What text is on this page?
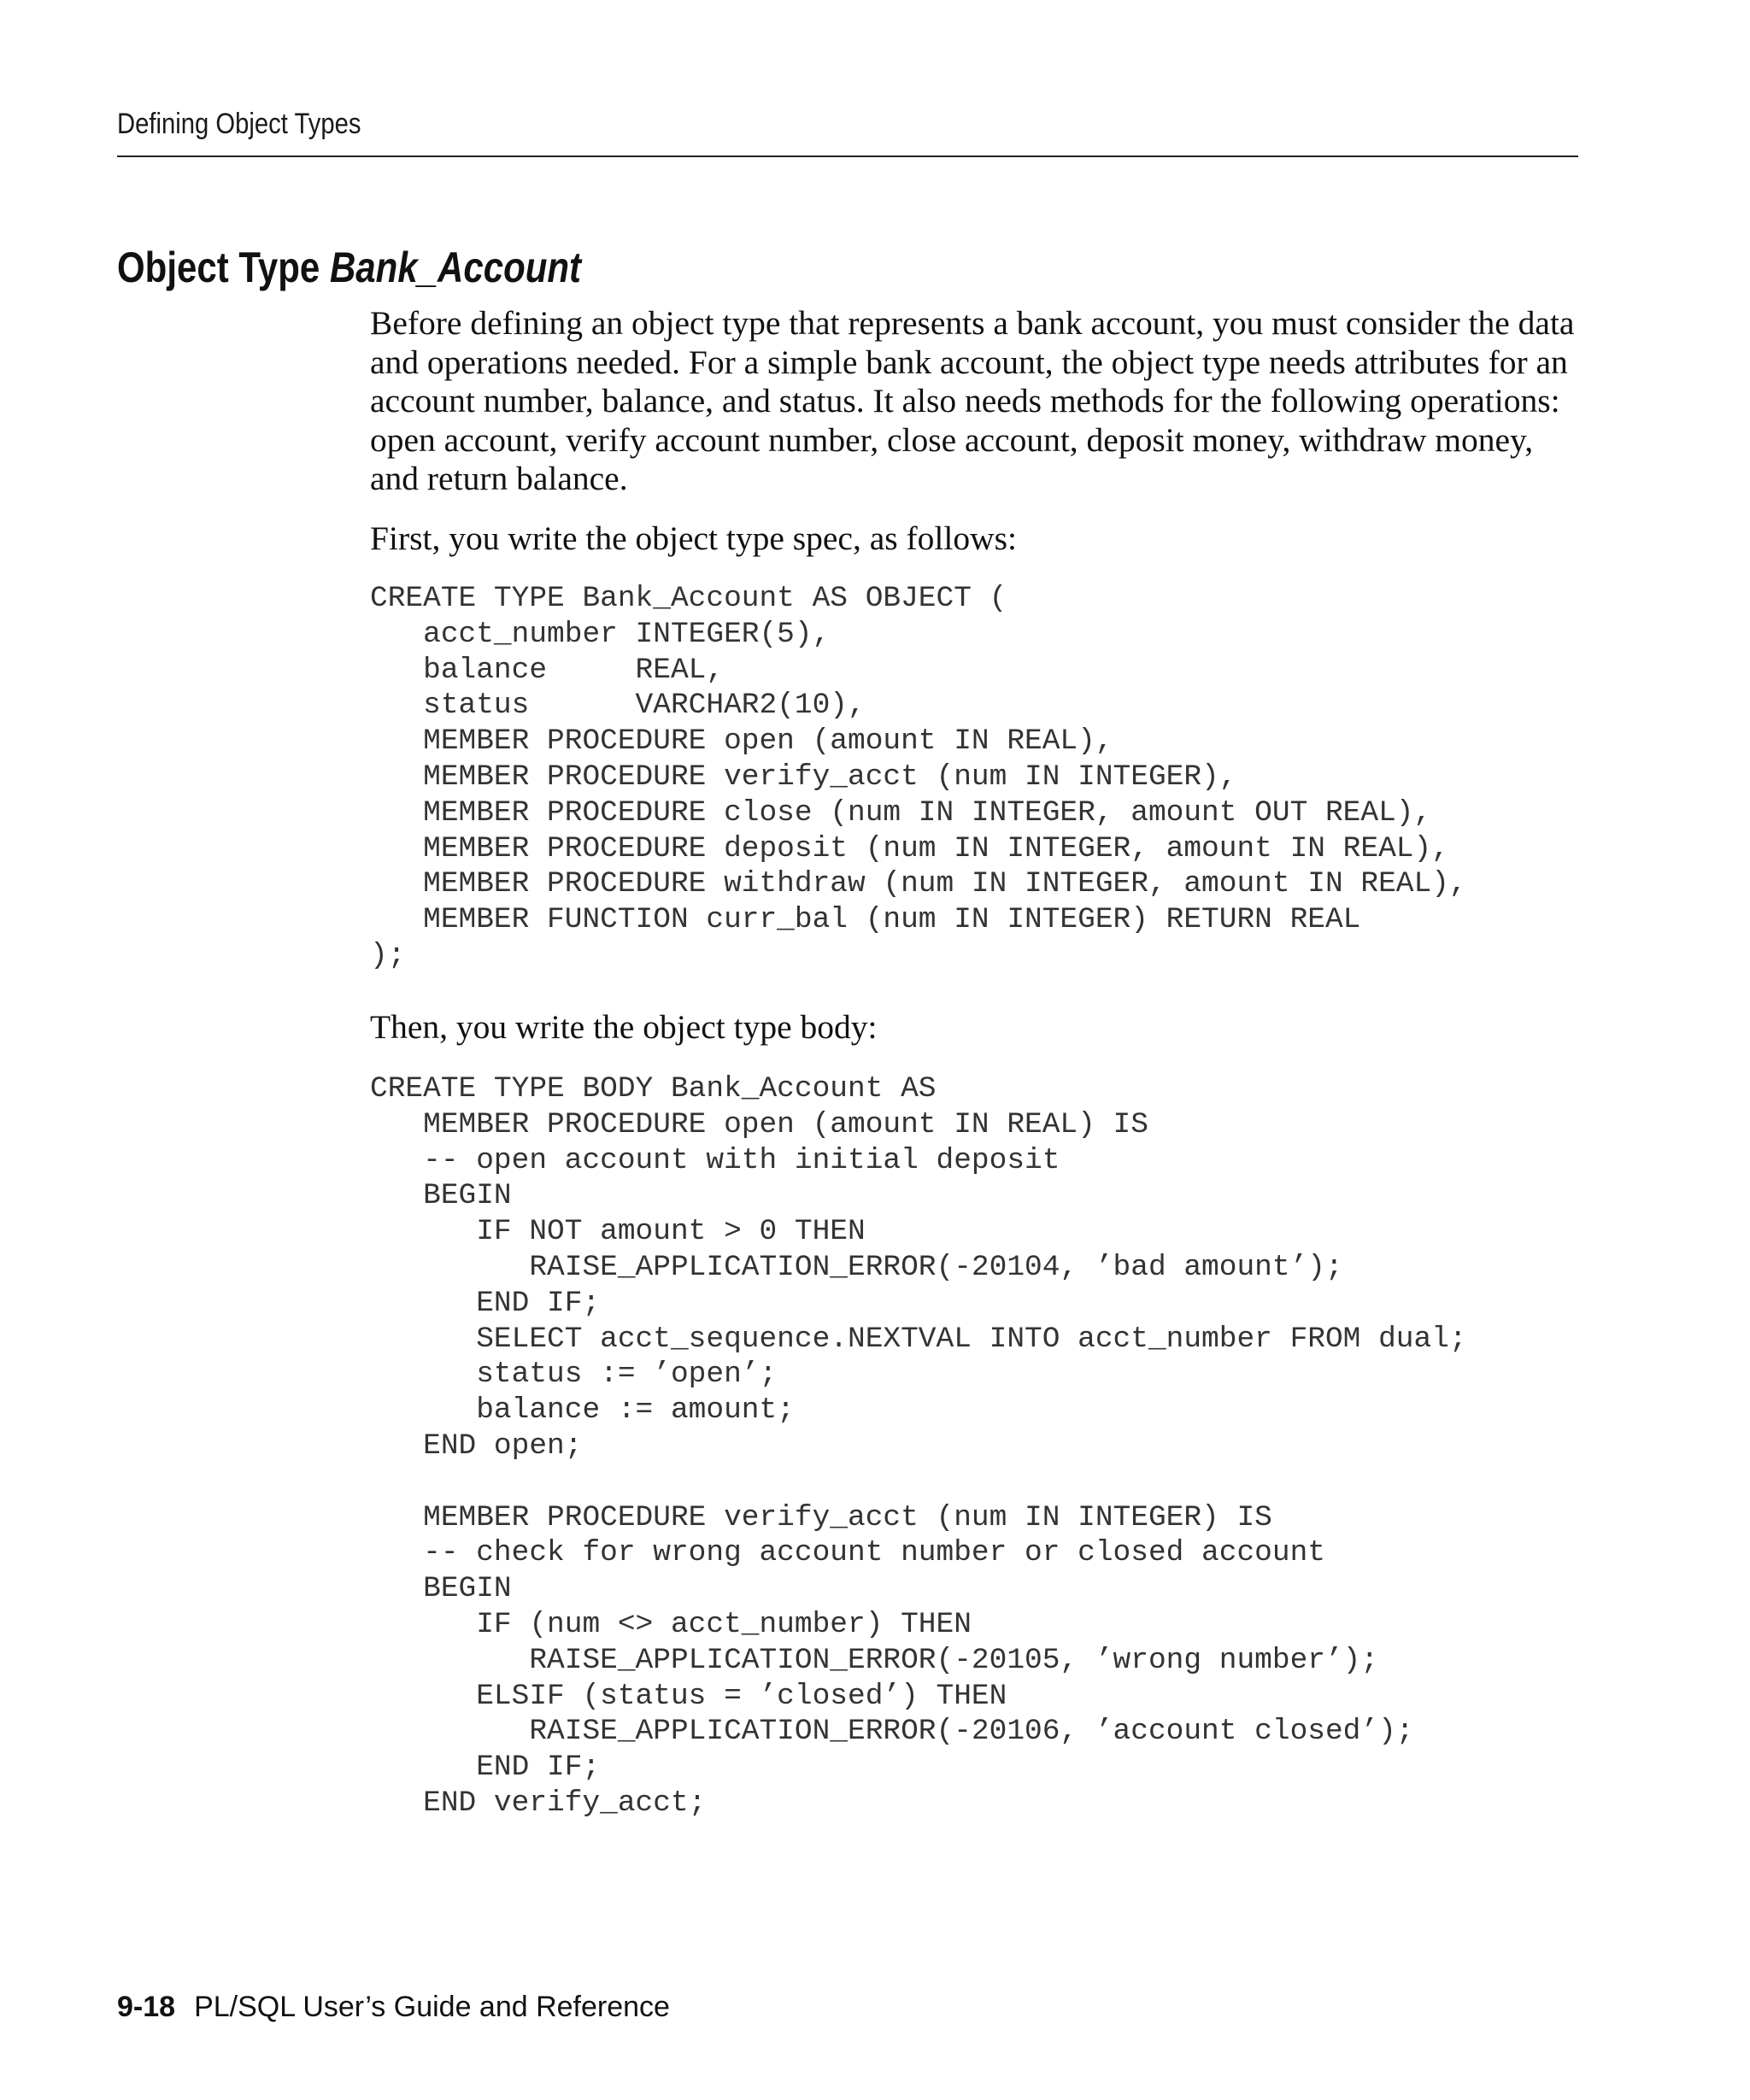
Defining Object Types
Object Type Bank_Account

Before defining an object type that represents a bank account, you must consider the data and operations needed. For a simple bank account, the object type needs attributes for an account number, balance, and status. It also needs methods for the following operations: open account, verify account number, close account, deposit money, withdraw money, and return balance.

First, you write the object type spec, as follows:

CREATE TYPE Bank_Account AS OBJECT (
acct_number INTEGER(5),
balance     REAL,
status      VARCHAR2(10),
MEMBER PROCEDURE open (amount IN REAL),
MEMBER PROCEDURE verify_acct (num IN INTEGER),
MEMBER PROCEDURE close (num IN INTEGER, amount OUT REAL),
MEMBER PROCEDURE deposit (num IN INTEGER, amount IN REAL),
MEMBER PROCEDURE withdraw (num IN INTEGER, amount IN REAL),
MEMBER FUNCTION curr_bal (num IN INTEGER) RETURN REAL
);

Then, you write the object type body:

CREATE TYPE BODY Bank_Account AS
MEMBER PROCEDURE open (amount IN REAL) IS
-- open account with initial deposit
BEGIN
IF NOT amount > 0 THEN
RAISE_APPLICATION_ERROR(-20104, ’bad amount’);
END IF;
SELECT acct_sequence.NEXTVAL INTO acct_number FROM dual;
status := ’open’;
balance := amount;
END open;

MEMBER PROCEDURE verify_acct (num IN INTEGER) IS
-- check for wrong account number or closed account
BEGIN
IF (num <> acct_number) THEN
RAISE_APPLICATION_ERROR(-20105, ’wrong number’);
ELSIF (status = ’closed’) THEN
RAISE_APPLICATION_ERROR(-20106, ’account closed’);
END IF;
END verify_acct;
9-18 PL/SQL User’s Guide and Reference
